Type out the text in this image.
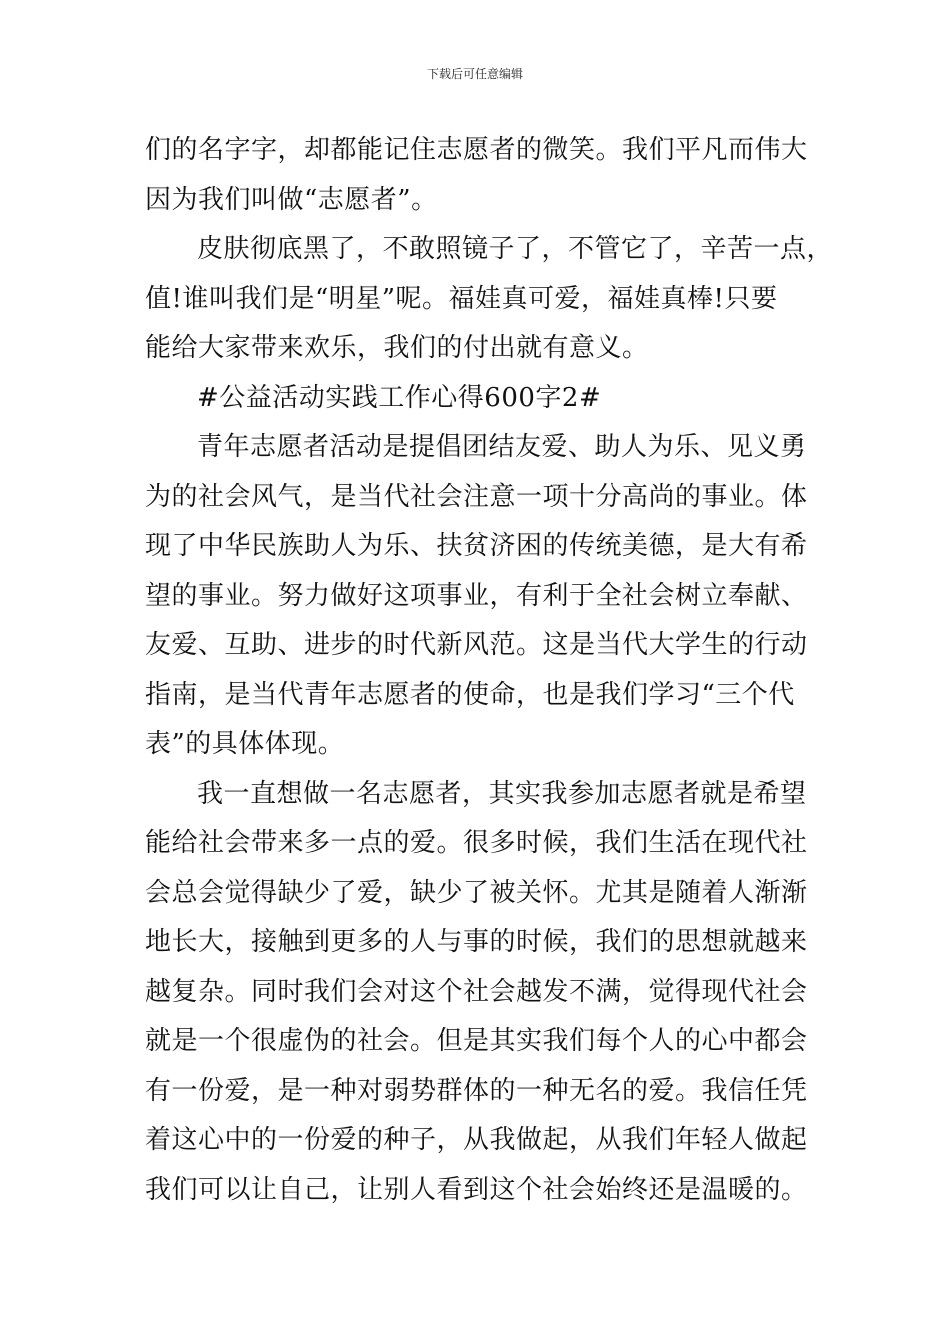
下载后可任意编辑
们的名字字，却都能记住志愿者的微笑。我们平凡而伟大
因为我们叫做“志愿者”。
皮肤彻底黑了，不敢照镜子了，不管它了，辛苦一点，
值!谁叫我们是“明星”呢。福娃真可爱，福娃真棒!只要
能给大家带来欢乐，我们的付出就有意义。
#公益活动实践工作心得600字2#
青年志愿者活动是提倡团结友爱、助人为乐、见义勇
为的社会风气，是当代社会注意一项十分高尚的事业。体
现了中华民族助人为乐、扶贫济困的传统美德，是大有希
望的事业。努力做好这项事业，有利于全社会树立奉献、
友爱、互助、进步的时代新风范。这是当代大学生的行动
指南，是当代青年志愿者的使命，也是我们学习“三个代
表”的具体体现。
我一直想做一名志愿者，其实我参加志愿者就是希望
能给社会带来多一点的爱。很多时候，我们生活在现代社
会总会觉得缺少了爱，缺少了被关怀。尤其是随着人渐渐
地长大，接触到更多的人与事的时候，我们的思想就越来
越复杂。同时我们会对这个社会越发不满，觉得现代社会
就是一个很虚伪的社会。但是其实我们每个人的心中都会
有一份爱，是一种对弱势群体的一种无名的爱。我信任凭
着这心中的一份爱的种子，从我做起，从我们年轻人做起
我们可以让自己，让别人看到这个社会始终还是温暖的。
